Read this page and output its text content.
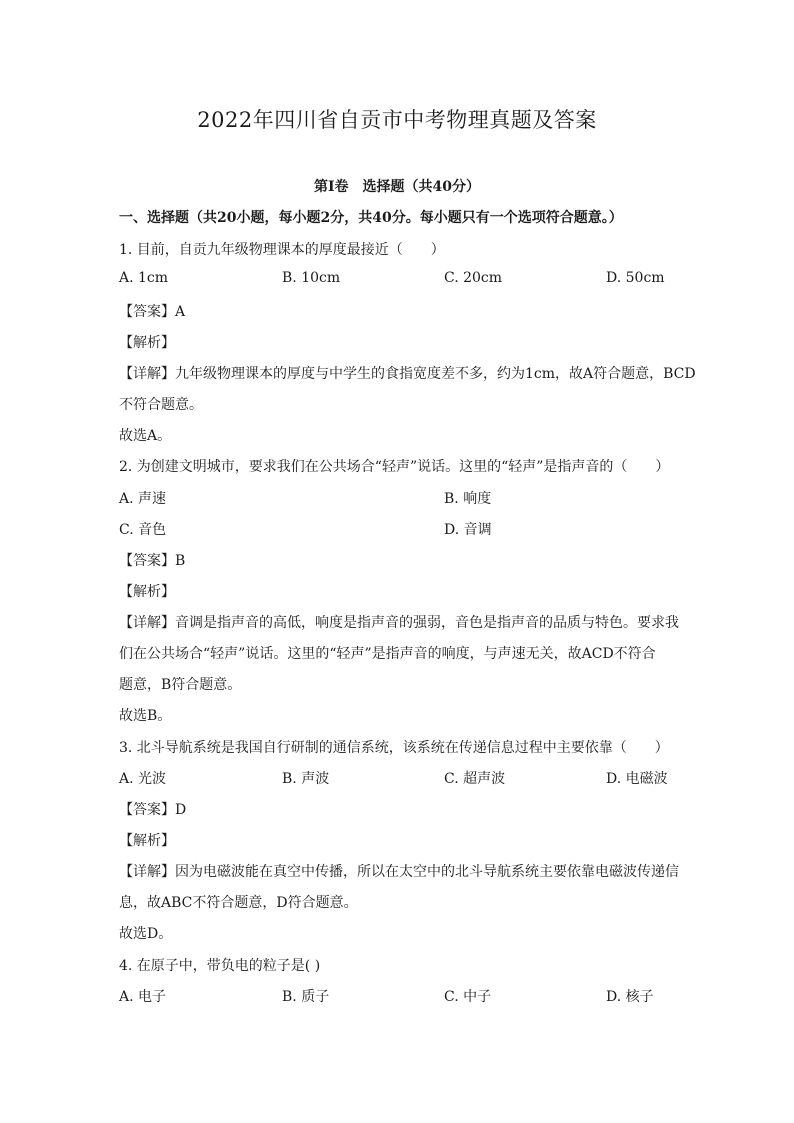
2022年四川省自贡市中考物理真题及答案
第I卷　选择题（共40分）
一、选择题（共20小题，每小题2分，共40分。每小题只有一个选项符合题意。）
1. 目前，自贡九年级物理课本的厚度最接近（　　）
A. 1cm	B. 10cm	C. 20cm	D. 50cm
【答案】A
【解析】
【详解】九年级物理课本的厚度与中学生的食指宽度差不多，约为1cm，故A符合题意，BCD
不符合题意。
故选A。
2. 为创建文明城市，要求我们在公共场合“轻声”说话。这里的“轻声”是指声音的（　　）
A. 声速	B. 响度
C. 音色	D. 音调
【答案】B
【解析】
【详解】音调是指声音的高低，响度是指声音的强弱，音色是指声音的品质与特色。要求我
们在公共场合“轻声”说话。这里的“轻声”是指声音的响度，与声速无关，故ACD不符合
题意，B符合题意。
故选B。
3. 北斗导航系统是我国自行研制的通信系统，该系统在传递信息过程中主要依靠（　　）
A. 光波	B. 声波	C. 超声波	D. 电磁波
【答案】D
【解析】
【详解】因为电磁波能在真空中传播，所以在太空中的北斗导航系统主要依靠电磁波传递信
息，故ABC不符合题意，D符合题意。
故选D。
4. 在原子中，带负电的粒子是( )
A. 电子	B. 质子	C. 中子	D. 核子
